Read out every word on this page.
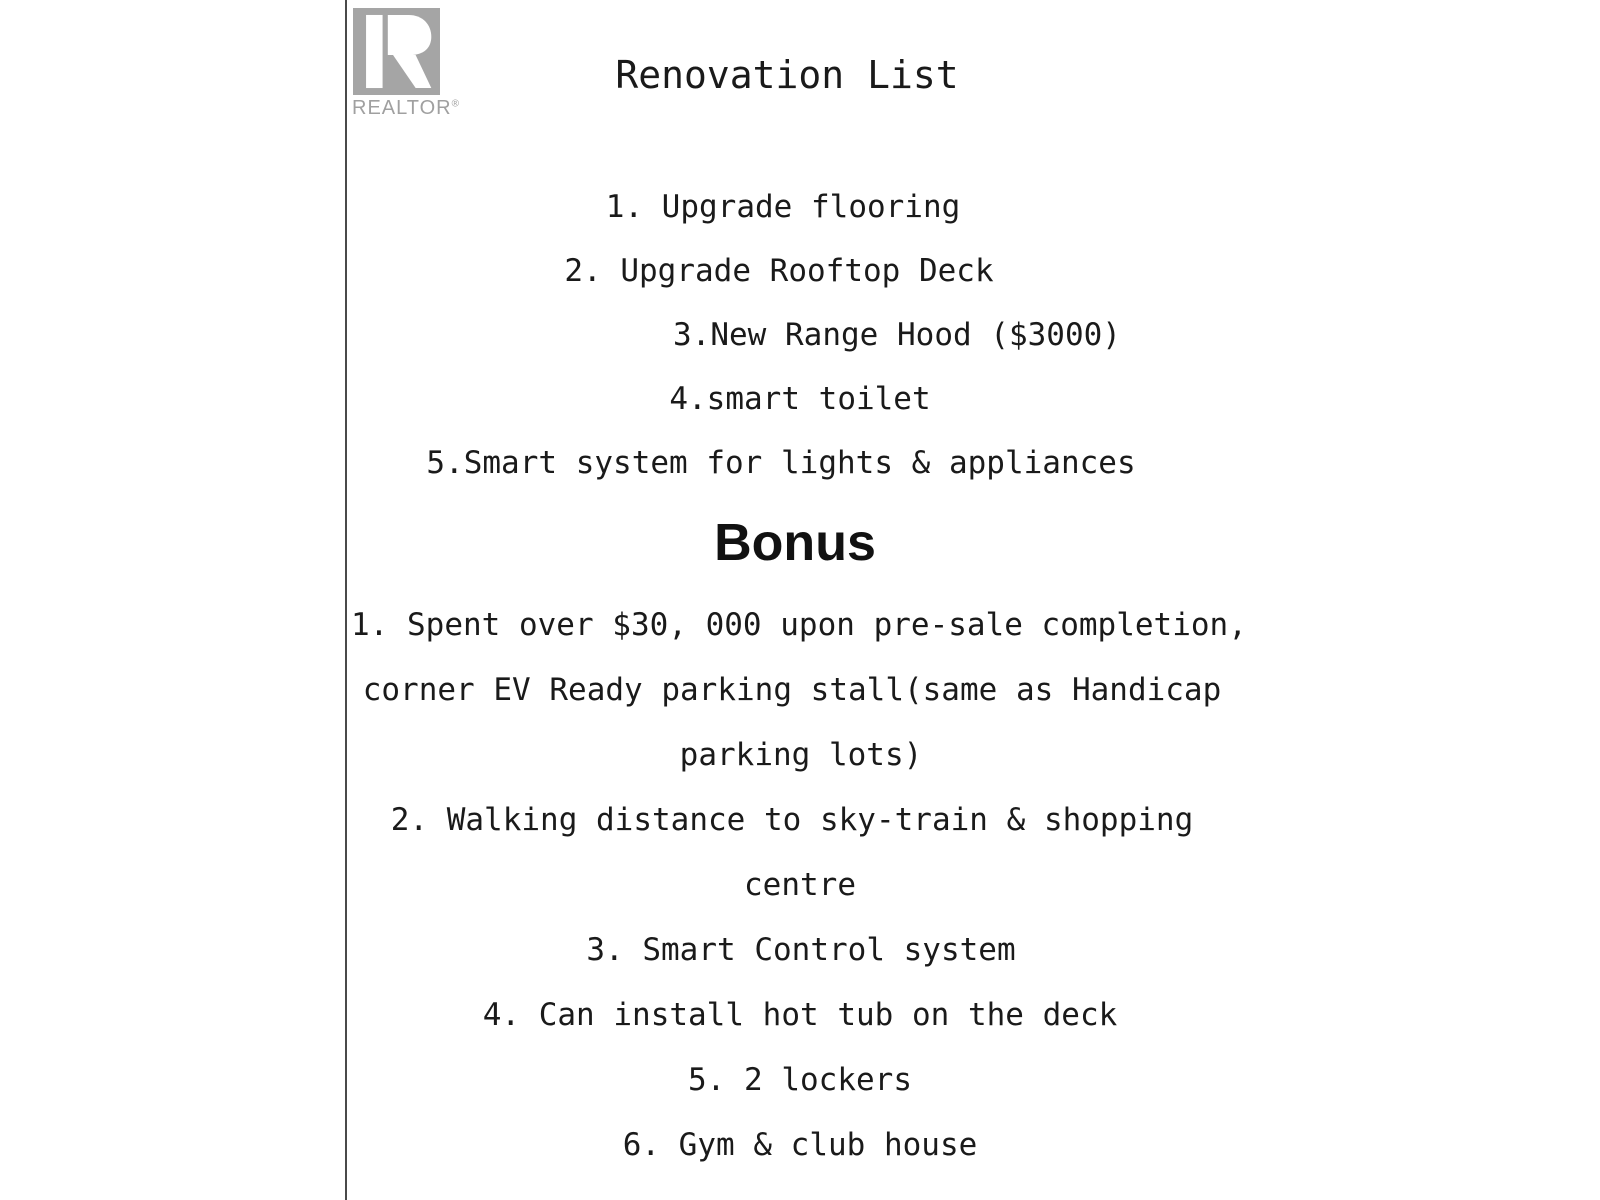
REALTOR®
Renovation List
1. Upgrade flooring
2. Upgrade Rooftop Deck
3.New Range Hood ($3000)
4.smart toilet
5.Smart system for lights & appliances
Bonus
1. Spent over $30, 000 upon pre-sale completion,
corner EV Ready parking stall(same as Handicap
parking lots)
2. Walking distance to sky-train & shopping
centre
3. Smart Control system
4. Can install hot tub on the deck
5. 2 lockers
6. Gym & club house
